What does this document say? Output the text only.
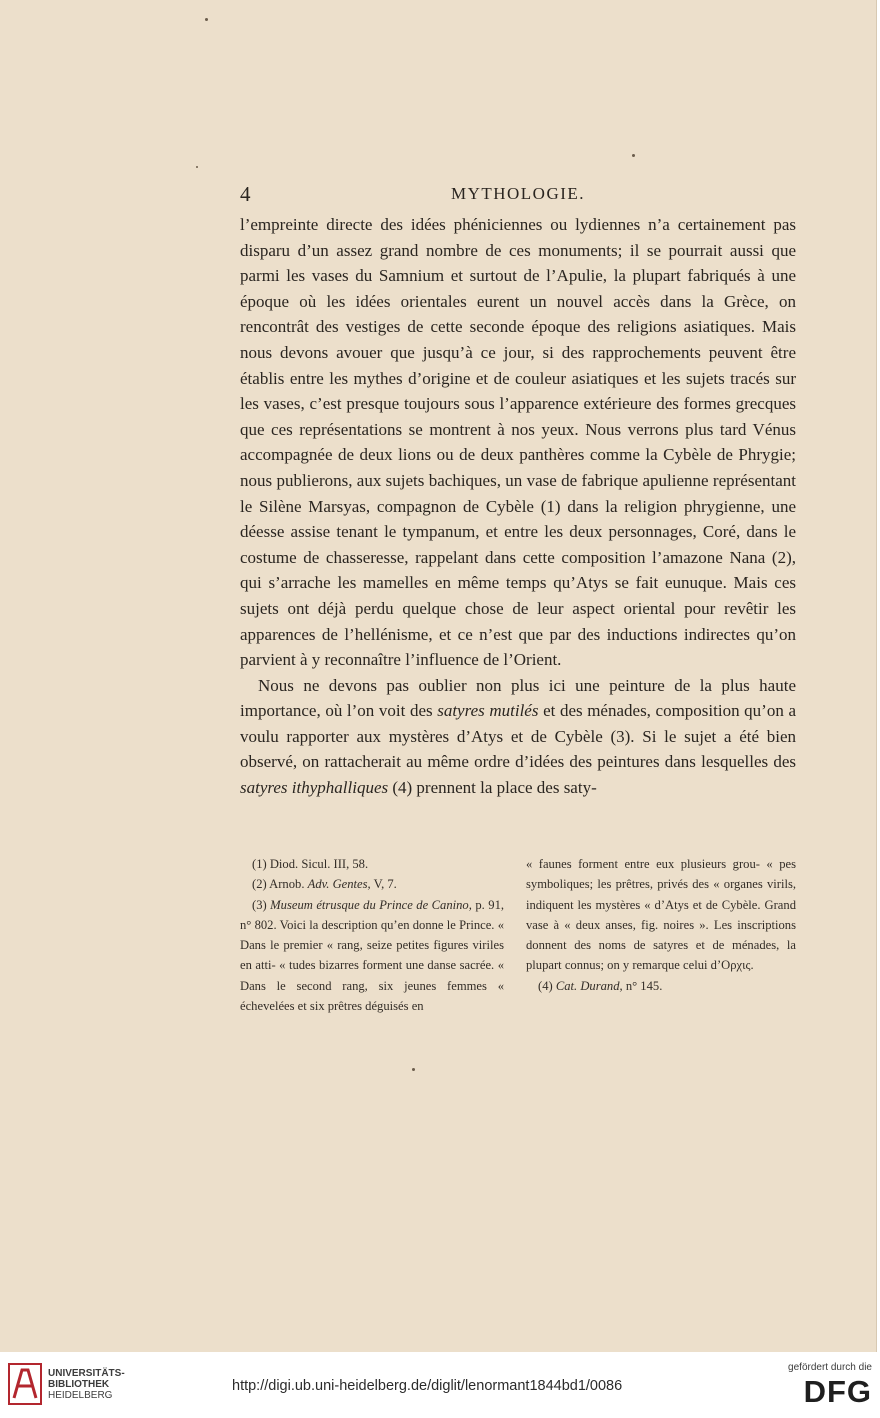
4	MYTHOLOGIE.

l’empreinte directe des idées phéniciennes ou lydiennes n’a certainement pas disparu d’un assez grand nombre de ces monuments; il se pourrait aussi que parmi les vases du Samnium et surtout de l’Apulie, la plupart fabriqués à une époque où les idées orientales eurent un nouvel accès dans la Grèce, on rencontrât des vestiges de cette seconde époque des religions asiatiques. Mais nous devons avouer que jusqu’à ce jour, si des rapprochements peuvent être établis entre les mythes d’origine et de couleur asiatiques et les sujets tracés sur les vases, c’est presque toujours sous l’apparence extérieure des formes grecques que ces représentations se montrent à nos yeux. Nous verrons plus tard Vénus accompagnée de deux lions ou de deux panthères comme la Cybèle de Phrygie; nous publierons, aux sujets bachiques, un vase de fabrique apulienne représentant le Silène Marsyas, compagnon de Cybèle (1) dans la religion phrygienne, une déesse assise tenant le tympanum, et entre les deux personnages, Coré, dans le costume de chasseresse, rappelant dans cette composition l’amazone Nana (2), qui s’arrache les mamelles en même temps qu’Atys se fait eunuque. Mais ces sujets ont déjà perdu quelque chose de leur aspect oriental pour revêtir les apparences de l’hellénisme, et ce n’est que par des inductions indirectes qu’on parvient à y reconnaître l’influence de l’Orient.

Nous ne devons pas oublier non plus ici une peinture de la plus haute importance, où l’on voit des satyres mutilés et des ménades, composition qu’on a voulu rapporter aux mystères d’Atys et de Cybèle (3). Si le sujet a été bien observé, on rattacherait au même ordre d’idées des peintures dans lesquelles des satyres ithyphalliques (4) prennent la place des saty-

(1) Diod. Sicul. III, 58.

(2) Arnob. Adv. Gentes, V, 7.

(3) Museum étrusque du Prince de Canino, p. 91, n° 802. Voici la description qu’en donne le Prince. « Dans le premier « rang, seize petites figures viriles en atti- « tudes bizarres forment une danse sacrée. « Dans le second rang, six jeunes femmes « échevelées et six prêtres déguisés en

« faunes forment entre eux plusieurs grou- « pes symboliques; les prêtres, privés des « organes virils, indiquent les mystères « d’Atys et de Cybèle. Grand vase à « deux anses, fig. noires ». Les inscriptions donnent des noms de satyres et de ménades, la plupart connus; on y remarque celui d’Ορχις.

(4) Cat. Durand, n° 145.

UNIVERSITÄTS-
BIBLIOTHEK
HEIDELBERG
http://digi.ub.uni-heidelberg.de/diglit/lenormant1844bd1/0086
gefördert durch die
DFG
